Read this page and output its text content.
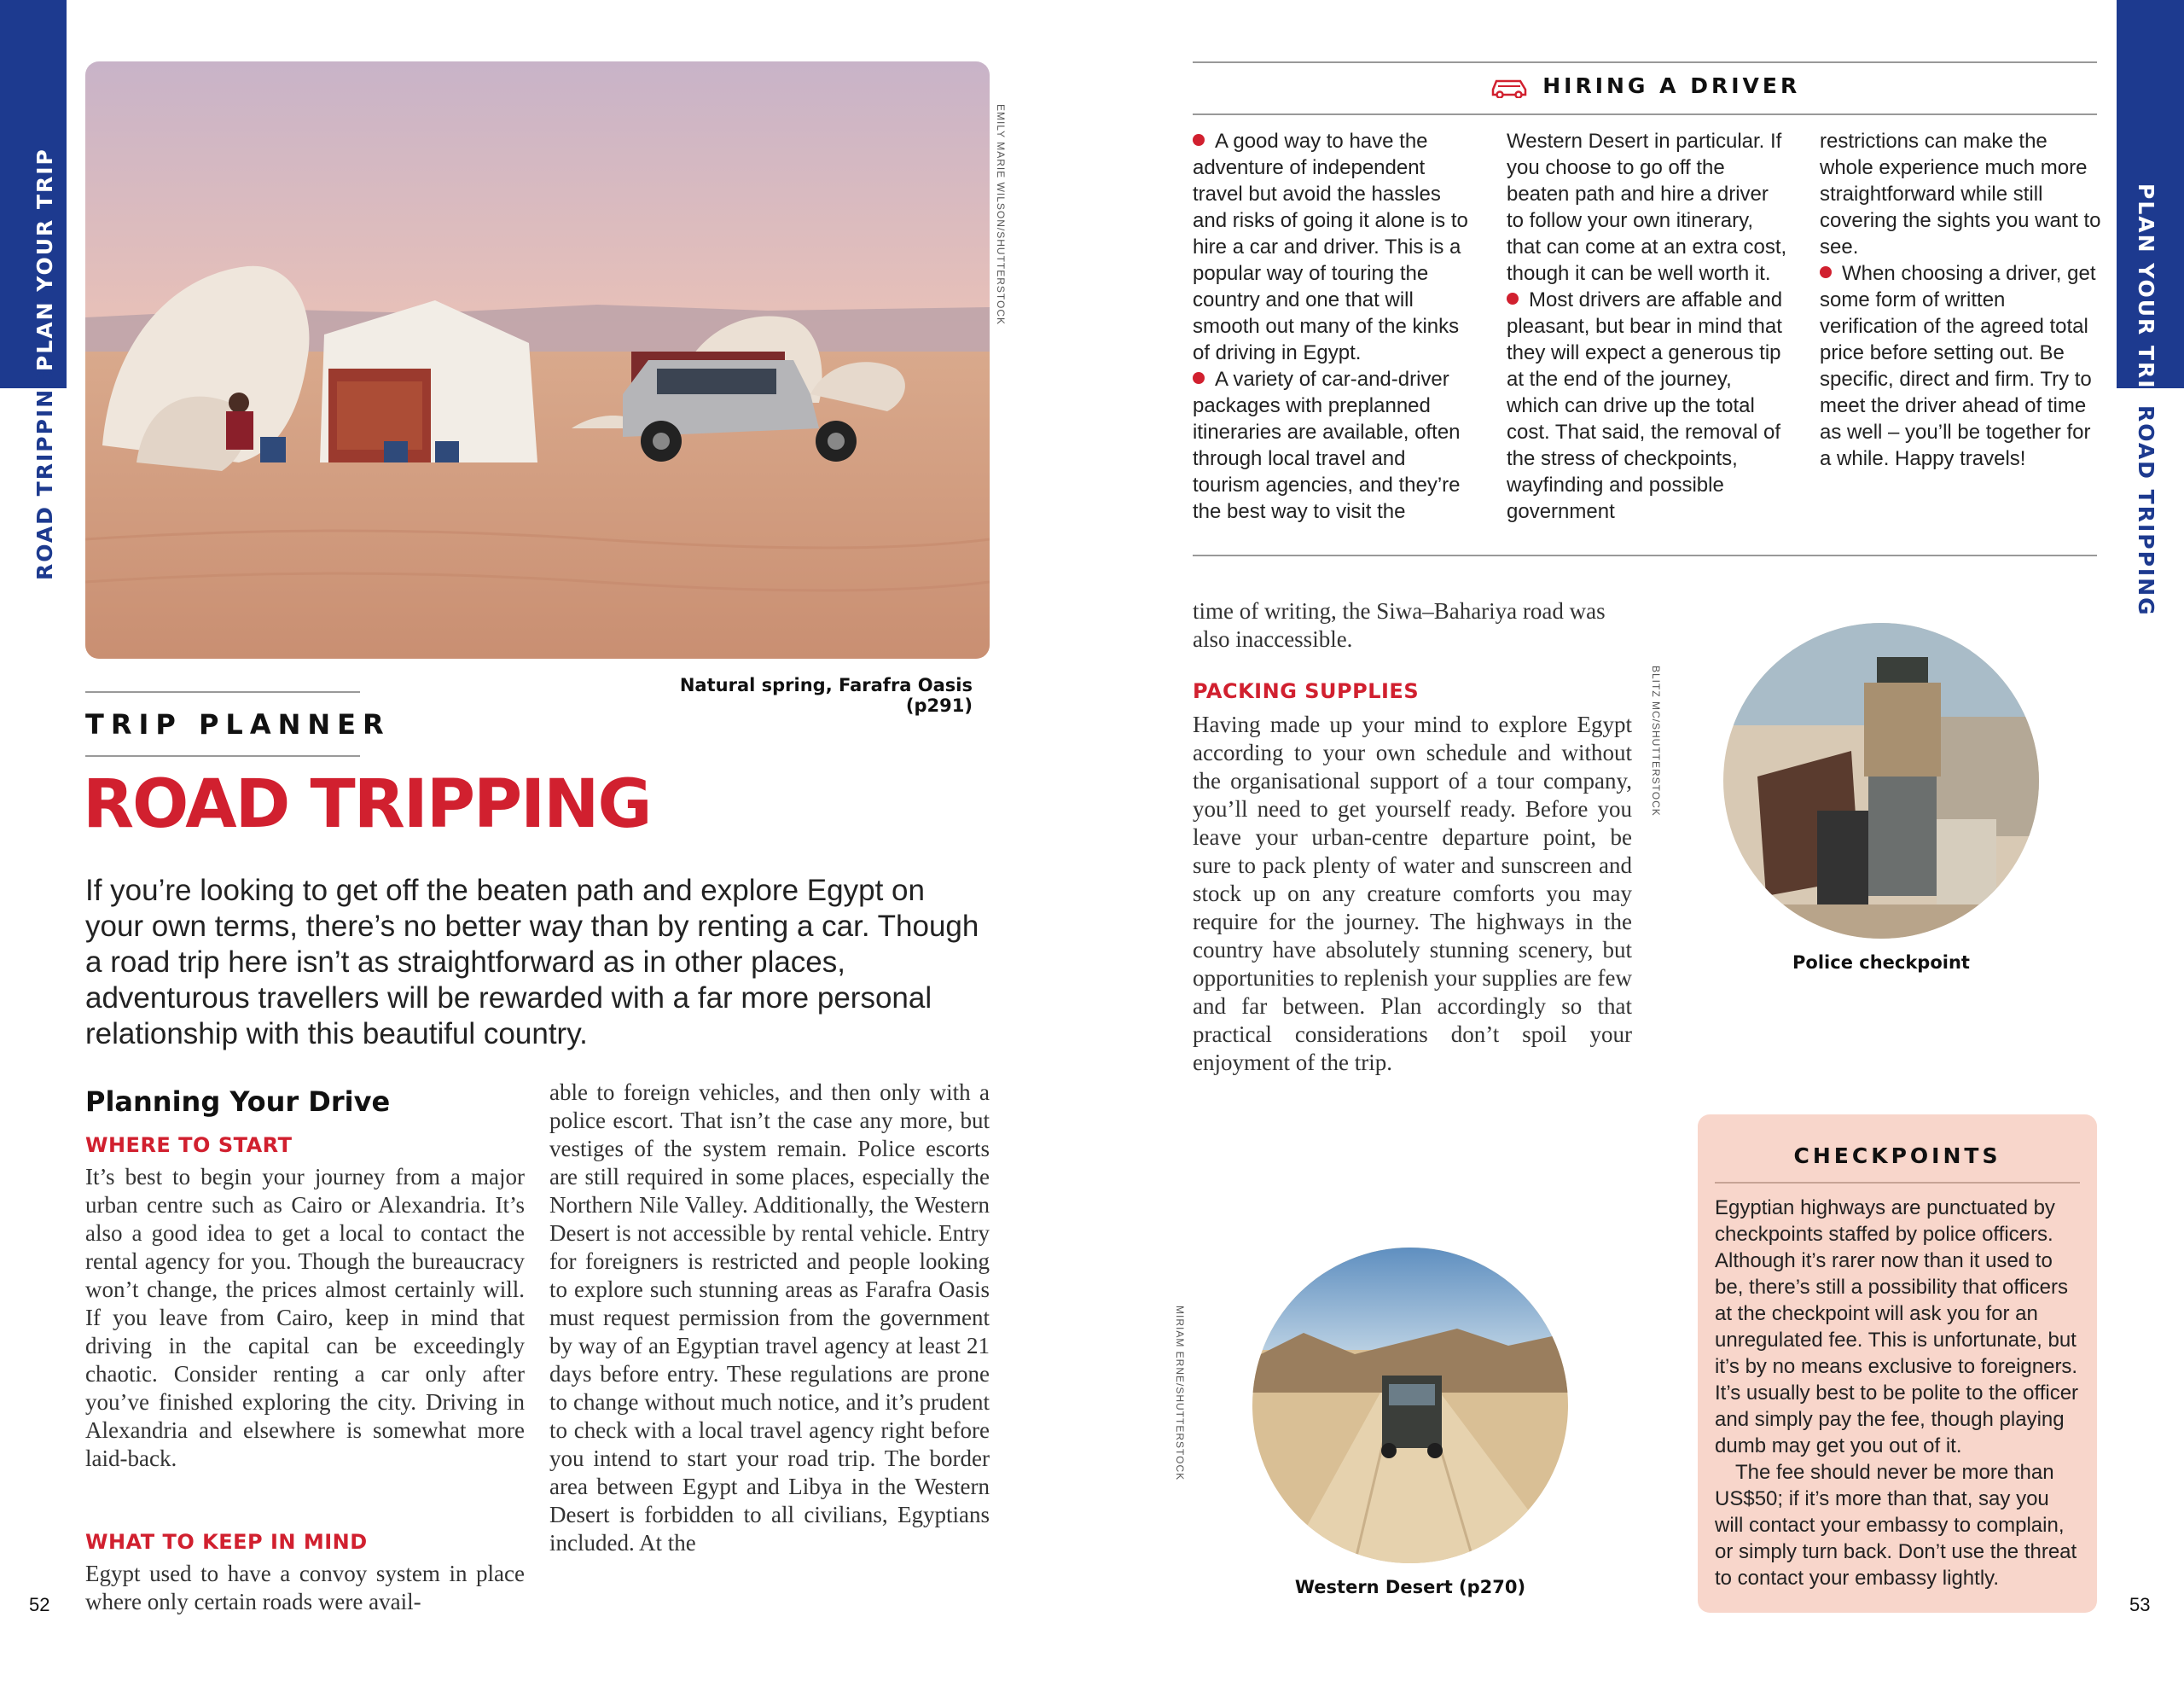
PLAN YOUR TRIP
ROAD TRIPPING
PLAN YOUR TRIP
ROAD TRIPPING
EMILY MARIE WILSON/SHUTTERSTOCK
Natural spring, Farafra Oasis (p291)
TRIP PLANNER
ROAD TRIPPING

If you’re looking to get off the beaten path and explore Egypt on your own terms, there’s no better way than by renting a car. Though a road trip here isn’t as straightforward as in other places, adventurous travellers will be rewarded with a far more personal relationship with this beautiful country.

Planning Your Drive
WHERE TO START

It’s best to begin your journey from a major urban centre such as Cairo or Alexandria. It’s also a good idea to get a local to contact the rental agency for you. Though the bureaucracy won’t change, the prices almost certainly will. If you leave from Cairo, keep in mind that driving in the capital can be exceedingly chaotic. Consider renting a car only after you’ve finished exploring the city. Driving in Alexandria and elsewhere is somewhat more laid-back.

WHAT TO KEEP IN MIND

Egypt used to have a convoy system in place where only certain roads were avail-

able to foreign vehicles, and then only with a police escort. That isn’t the case any more, but vestiges of the system remain. Police escorts are still required in some places, especially the Northern Nile Valley. Additionally, the Western Desert is not accessible by rental vehicle. Entry for foreigners is restricted and people looking to explore such stunning areas as Farafra Oasis must request permission from the government by way of an Egyptian travel agency at least 21 days before entry. These regulations are prone to change without much notice, and it’s prudent to check with a local travel agency right before you intend to start your road trip. The border area between Egypt and Libya in the Western Desert is forbidden to all civilians, Egyptians included. At the

52
HIRING A DRIVER

A good way to have the adventure of independent travel but avoid the hassles and risks of going it alone is to hire a car and driver. This is a popular way of touring the country and one that will smooth out many of the kinks of driving in Egypt.

A variety of car-and-driver packages with preplanned itineraries are available, often through local travel and tourism agencies, and they’re the best way to visit the

Western Desert in particular. If you choose to go off the beaten path and hire a driver to follow your own itinerary, that can come at an extra cost, though it can be well worth it.

Most drivers are affable and pleasant, but bear in mind that they will expect a generous tip at the end of the journey, which can drive up the total cost. That said, the removal of the stress of checkpoints, wayfinding and possible government

restrictions can make the whole experience much more straightforward while still covering the sights you want to see.

When choosing a driver, get some form of written verification of the agreed total price before setting out. Be specific, direct and firm. Try to meet the driver ahead of time as well – you’ll be together for a while. Happy travels!

time of writing, the Siwa–Bahariya road was also inaccessible.

PACKING SUPPLIES

Having made up your mind to explore Egypt according to your own schedule and without the organisational support of a tour company, you’ll need to get yourself ready. Before you leave your urban-centre departure point, be sure to pack plenty of water and sunscreen and stock up on any creature comforts you may require for the journey. The highways in the country have absolutely stunning scenery, but opportunities to replenish your supplies are few and far between. Plan accordingly so that practical considerations don’t spoil your enjoyment of the trip.

BLITZ MC/SHUTTERSTOCK
Police checkpoint
MIRIAM ERNE/SHUTTERSTOCK
Western Desert (p270)
CHECKPOINTS

Egyptian highways are punctuated by checkpoints staffed by police officers. Although it’s rarer now than it used to be, there’s still a possibility that officers at the checkpoint will ask you for an unregulated fee. This is unfortunate, but it’s by no means exclusive to foreigners. It’s usually best to be polite to the officer and simply pay the fee, though playing dumb may get you out of it.

The fee should never be more than US$50; if it’s more than that, say you will contact your embassy to complain, or simply turn back. Don’t use the threat to contact your embassy lightly.

53
